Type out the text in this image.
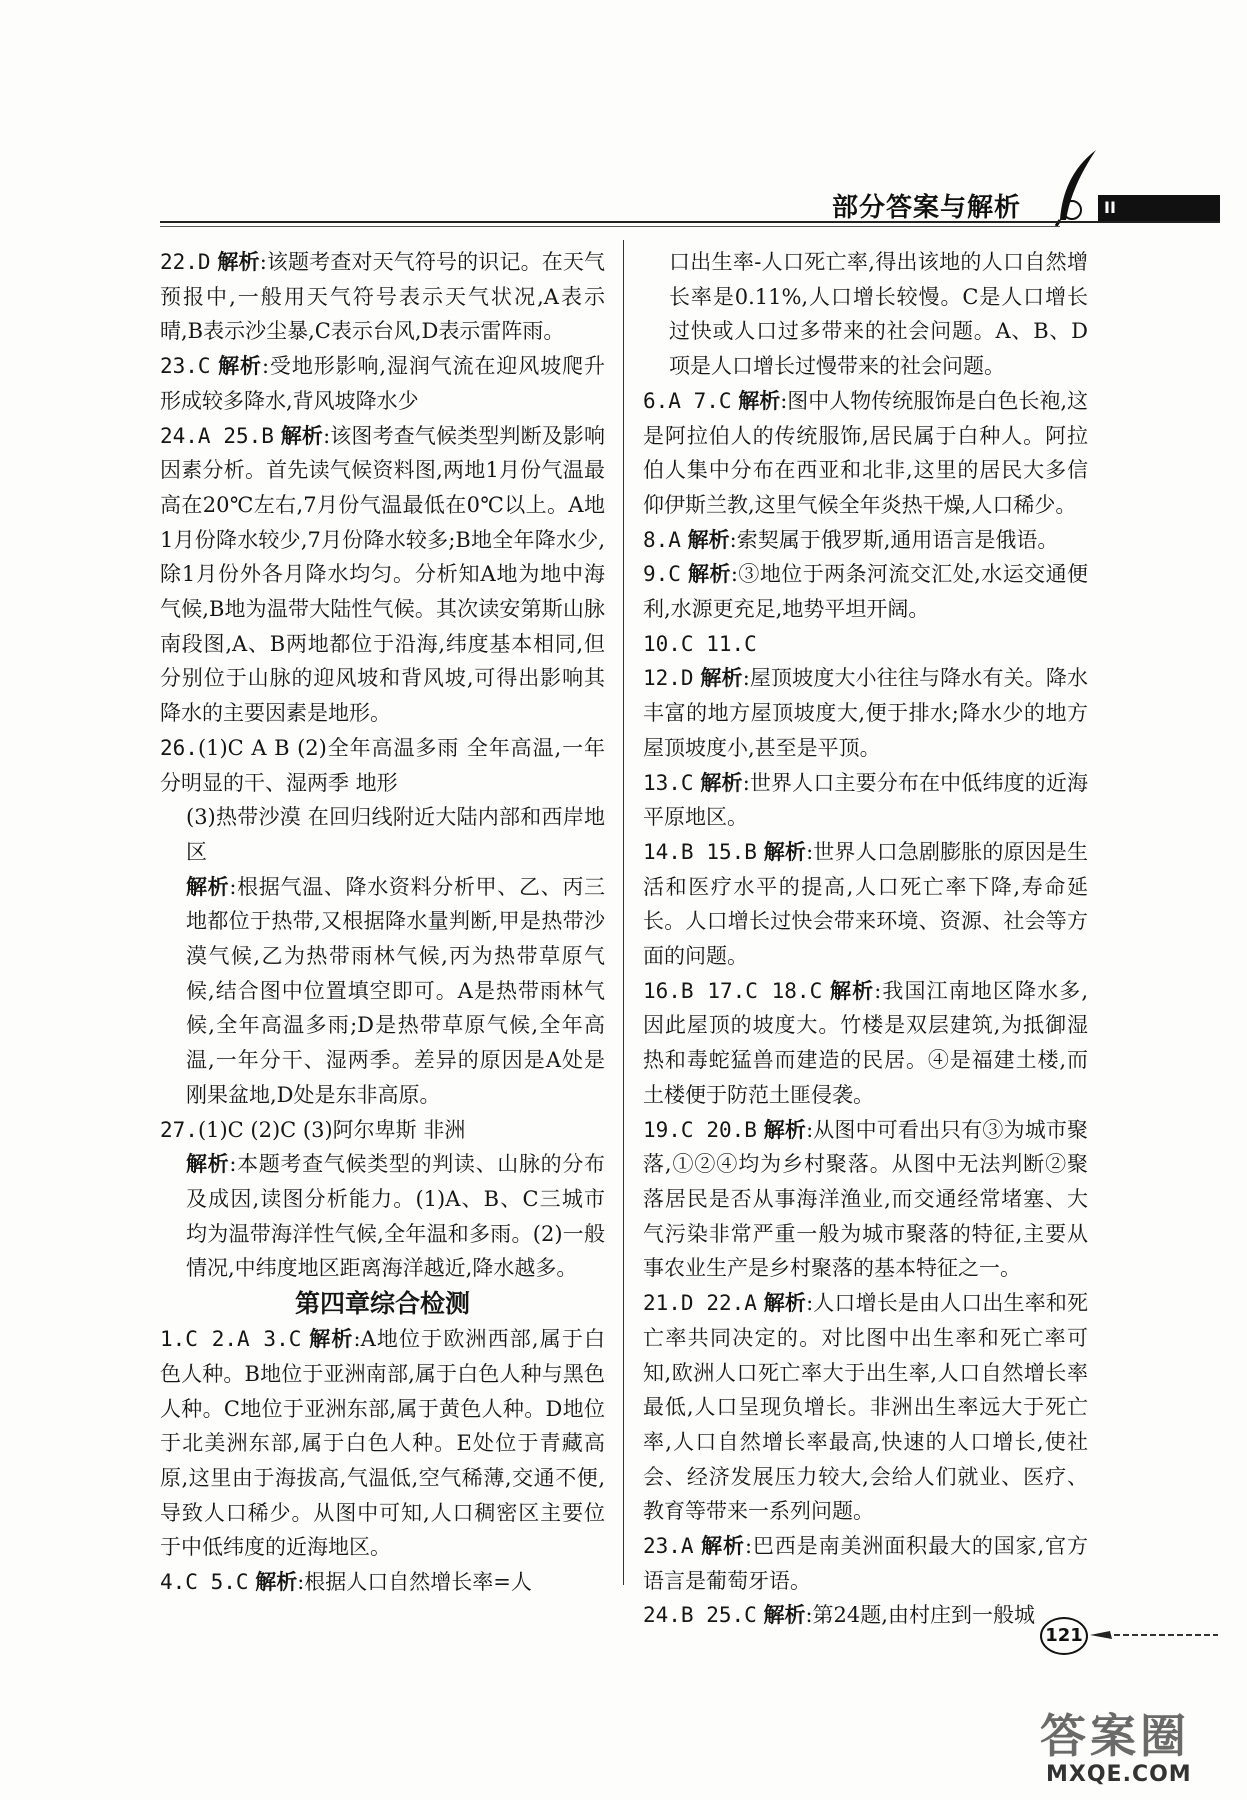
部分答案与解析	II

22.D 解析:该题考查对天气符号的识记。在天气预报中,一般用天气符号表示天气状况,A表示晴,B表示沙尘暴,C表示台风,D表示雷阵雨。

23.C 解析:受地形影响,湿润气流在迎风坡爬升形成较多降水,背风坡降水少

24.A 25.B 解析:该图考查气候类型判断及影响因素分析。首先读气候资料图,两地1月份气温最高在20℃左右,7月份气温最低在0℃以上。A地1月份降水较少,7月份降水较多;B地全年降水少,除1月份外各月降水均匀。分析知A地为地中海气候,B地为温带大陆性气候。其次读安第斯山脉南段图,A、B两地都位于沿海,纬度基本相同,但分别位于山脉的迎风坡和背风坡,可得出影响其降水的主要因素是地形。

26.(1)C A B (2)全年高温多雨 全年高温,一年分明显的干、湿两季 地形

(3)热带沙漠 在回归线附近大陆内部和西岸地区

解析:根据气温、降水资料分析甲、乙、丙三地都位于热带,又根据降水量判断,甲是热带沙漠气候,乙为热带雨林气候,丙为热带草原气候,结合图中位置填空即可。A是热带雨林气候,全年高温多雨;D是热带草原气候,全年高温,一年分干、湿两季。差异的原因是A处是刚果盆地,D处是东非高原。

27.(1)C (2)C (3)阿尔卑斯 非洲

解析:本题考查气候类型的判读、山脉的分布及成因,读图分析能力。(1)A、B、C三城市均为温带海洋性气候,全年温和多雨。(2)一般情况,中纬度地区距离海洋越近,降水越多。

第四章综合检测

1.C 2.A 3.C 解析:A地位于欧洲西部,属于白色人种。B地位于亚洲南部,属于白色人种与黑色人种。C地位于亚洲东部,属于黄色人种。D地位于北美洲东部,属于白色人种。E处位于青藏高原,这里由于海拔高,气温低,空气稀薄,交通不便,导致人口稀少。从图中可知,人口稠密区主要位于中低纬度的近海地区。

4.C 5.C 解析:根据人口自然增长率=人

口出生率-人口死亡率,得出该地的人口自然增长率是0.11%,人口增长较慢。C是人口增长过快或人口过多带来的社会问题。A、B、D项是人口增长过慢带来的社会问题。

6.A 7.C 解析:图中人物传统服饰是白色长袍,这是阿拉伯人的传统服饰,居民属于白种人。阿拉伯人集中分布在西亚和北非,这里的居民大多信仰伊斯兰教,这里气候全年炎热干燥,人口稀少。

8.A 解析:索契属于俄罗斯,通用语言是俄语。

9.C 解析:③地位于两条河流交汇处,水运交通便利,水源更充足,地势平坦开阔。

10.C 11.C

12.D 解析:屋顶坡度大小往往与降水有关。降水丰富的地方屋顶坡度大,便于排水;降水少的地方屋顶坡度小,甚至是平顶。

13.C 解析:世界人口主要分布在中低纬度的近海平原地区。

14.B 15.B 解析:世界人口急剧膨胀的原因是生活和医疗水平的提高,人口死亡率下降,寿命延长。人口增长过快会带来环境、资源、社会等方面的问题。

16.B 17.C 18.C 解析:我国江南地区降水多,因此屋顶的坡度大。竹楼是双层建筑,为抵御湿热和毒蛇猛兽而建造的民居。④是福建土楼,而土楼便于防范土匪侵袭。

19.C 20.B 解析:从图中可看出只有③为城市聚落,①②④均为乡村聚落。从图中无法判断②聚落居民是否从事海洋渔业,而交通经常堵塞、大气污染非常严重一般为城市聚落的特征,主要从事农业生产是乡村聚落的基本特征之一。

21.D 22.A 解析:人口增长是由人口出生率和死亡率共同决定的。对比图中出生率和死亡率可知,欧洲人口死亡率大于出生率,人口自然增长率最低,人口呈现负增长。非洲出生率远大于死亡率,人口自然增长率最高,快速的人口增长,使社会、经济发展压力较大,会给人们就业、医疗、教育等带来一系列问题。

23.A 解析:巴西是南美洲面积最大的国家,官方语言是葡萄牙语。

24.B 25.C 解析:第24题,由村庄到一般城

121
答案圈
MXQE.COM
